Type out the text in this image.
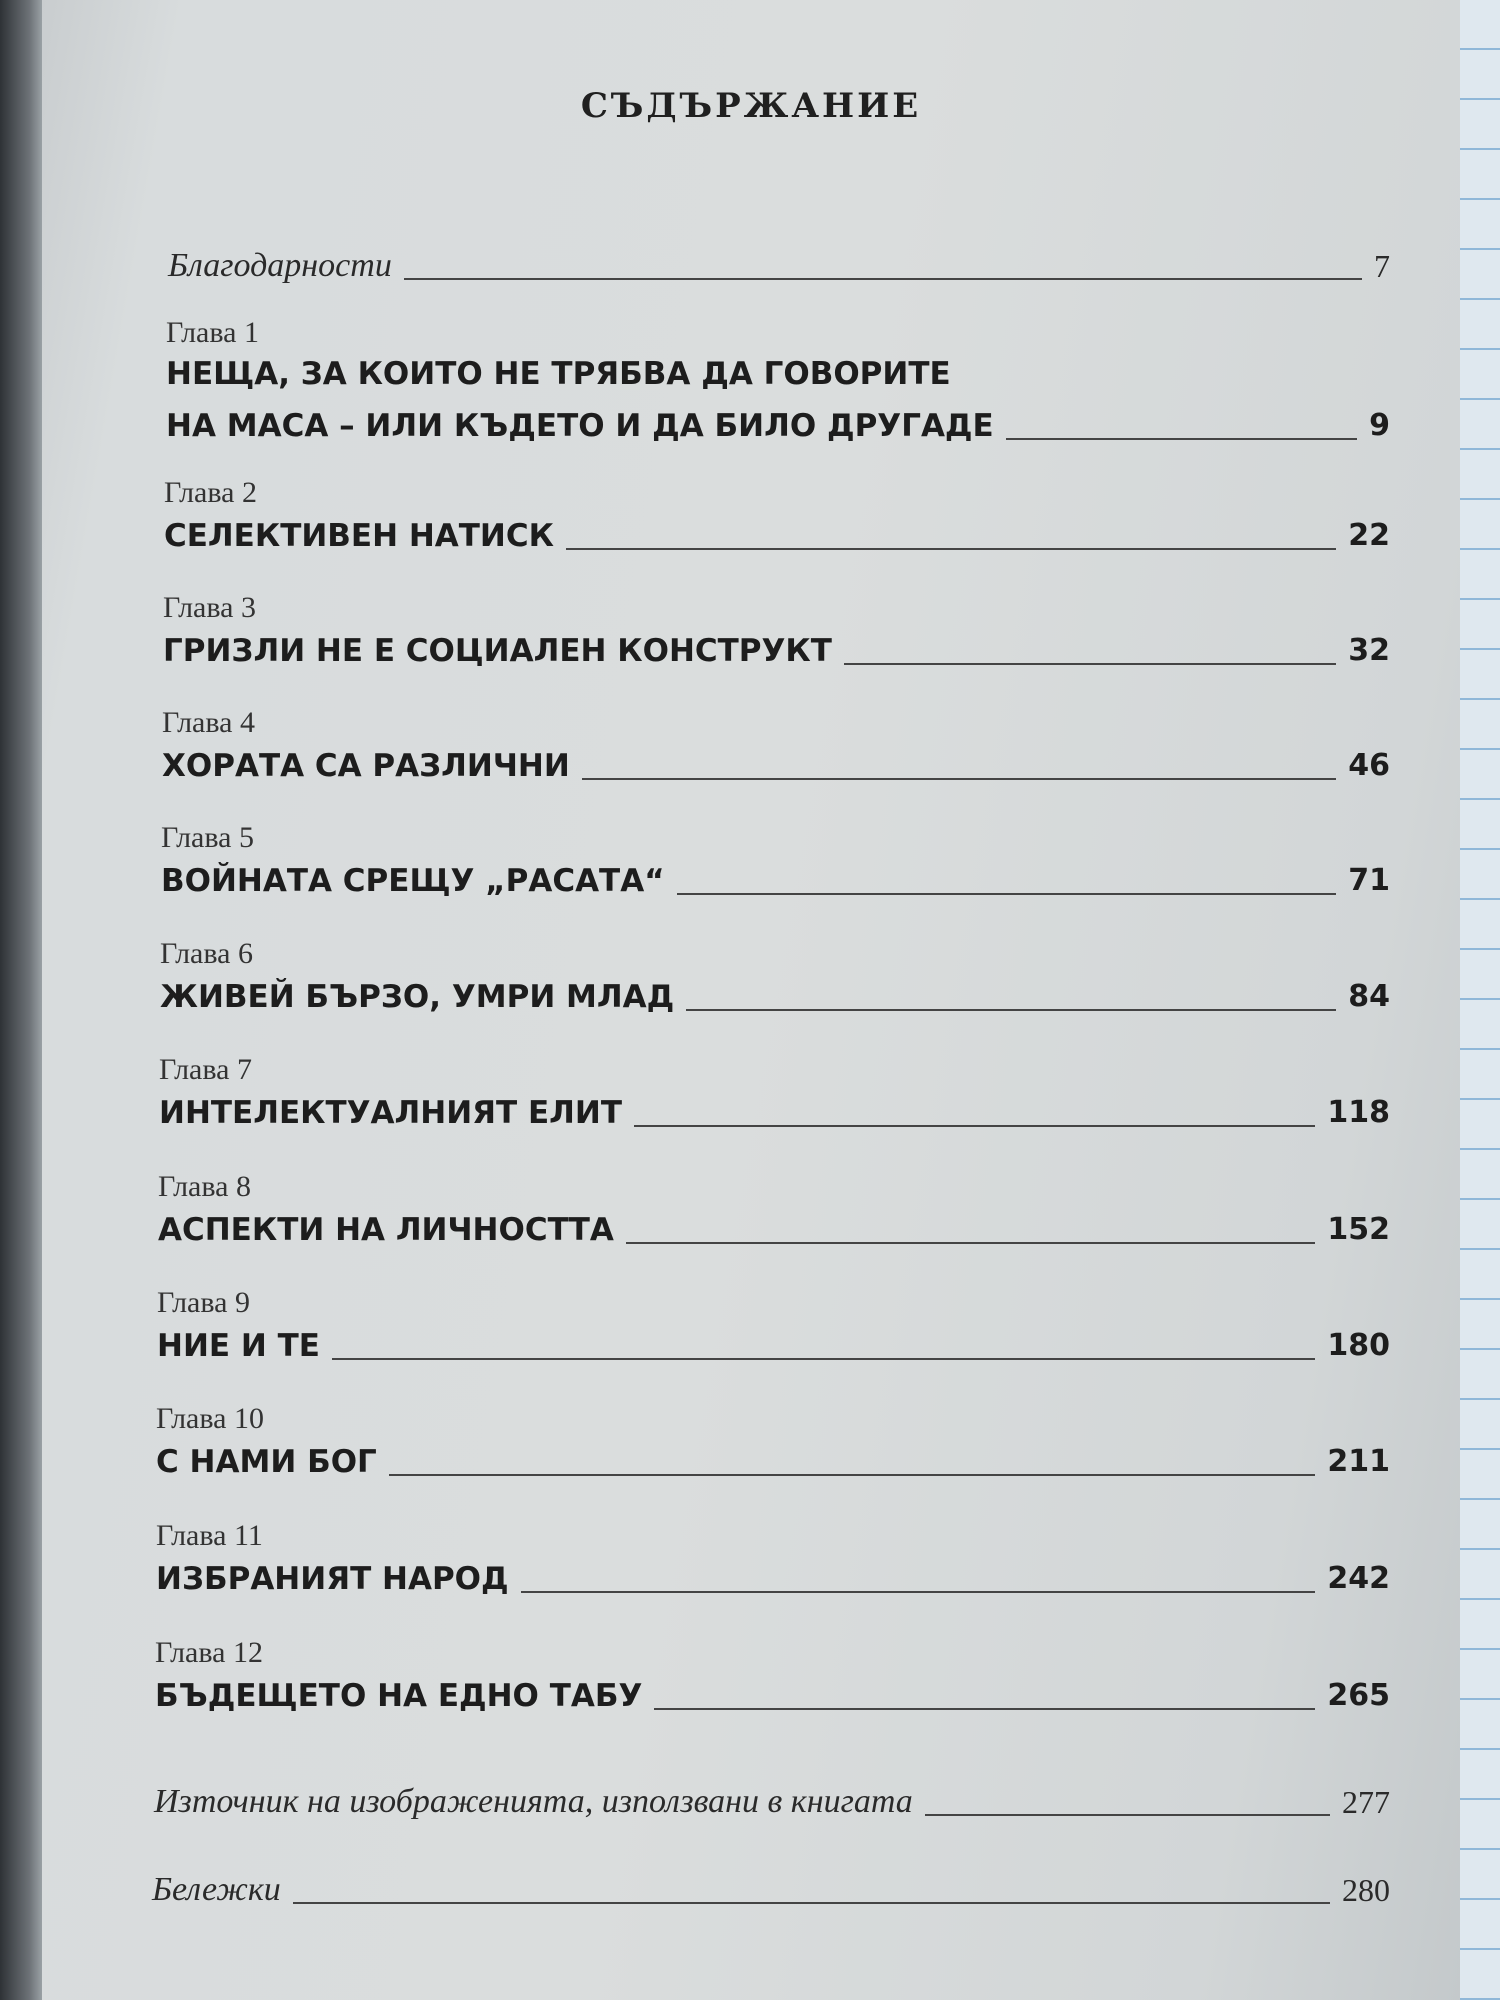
СЪДЪРЖАНИЕ
Благодарности	7
Глава 1
НЕЩА, ЗА КОИТО НЕ ТРЯБВА ДА ГОВОРИТЕ
НА МАСА – ИЛИ КЪДЕТО И ДА БИЛО ДРУГАДЕ	9
Глава 2
СЕЛЕКТИВЕН НАТИСК	22
Глава 3
ГРИЗЛИ НЕ Е СОЦИАЛЕН КОНСТРУКТ	32
Глава 4
ХОРАТА СА РАЗЛИЧНИ	46
Глава 5
ВОЙНАТА СРЕЩУ „РАСАТА“	71
Глава 6
ЖИВЕЙ БЪРЗО, УМРИ МЛАД	84
Глава 7
ИНТЕЛЕКТУАЛНИЯТ ЕЛИТ	118
Глава 8
АСПЕКТИ НА ЛИЧНОСТТА	152
Глава 9
НИЕ И ТЕ	180
Глава 10
С НАМИ БОГ	211
Глава 11
ИЗБРАНИЯТ НАРОД	242
Глава 12
БЪДЕЩЕТО НА ЕДНО ТАБУ	265
Източник на изображенията, използвани в книгата	277
Бележки	280
